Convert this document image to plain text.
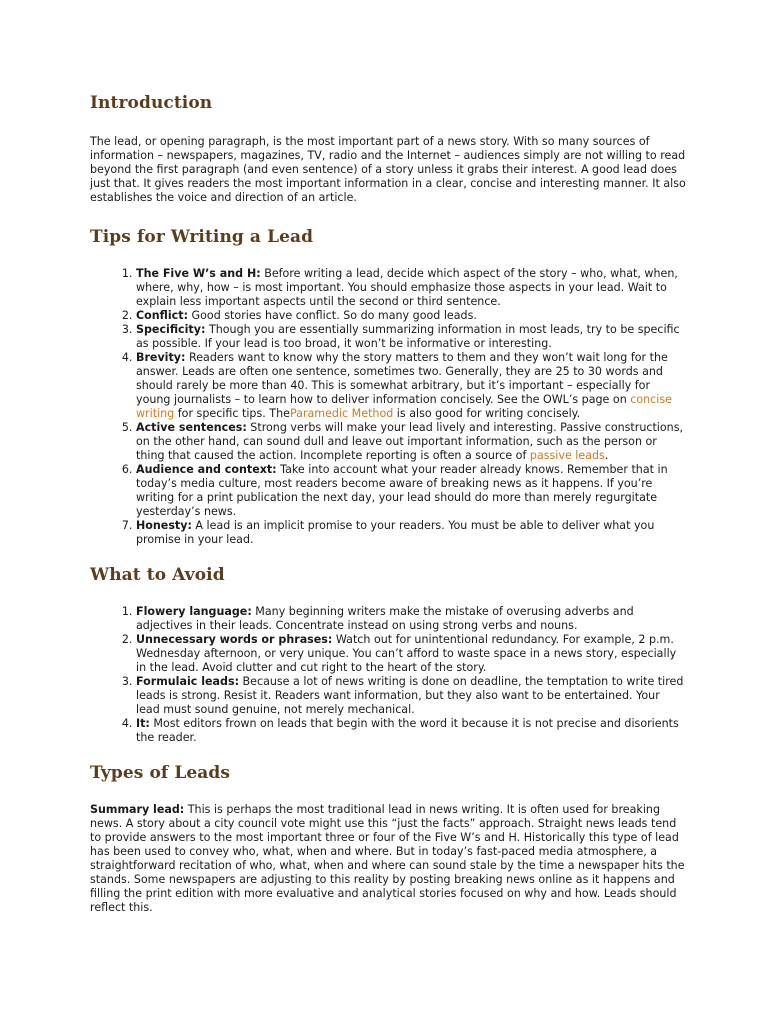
Introduction

The lead, or opening paragraph, is the most important part of a news story. With so many sources of information – newspapers, magazines, TV, radio and the Internet – audiences simply are not willing to read beyond the first paragraph (and even sentence) of a story unless it grabs their interest. A good lead does just that. It gives readers the most important information in a clear, concise and interesting manner. It also establishes the voice and direction of an article.

Tips for Writing a Lead
1. The Five W’s and H: Before writing a lead, decide which aspect of the story – who, what, when, where, why, how – is most important. You should emphasize those aspects in your lead. Wait to explain less important aspects until the second or third sentence.
2. Conflict: Good stories have conflict. So do many good leads.
3. Specificity: Though you are essentially summarizing information in most leads, try to be specific as possible. If your lead is too broad, it won’t be informative or interesting.
4. Brevity: Readers want to know why the story matters to them and they won’t wait long for the answer. Leads are often one sentence, sometimes two. Generally, they are 25 to 30 words and should rarely be more than 40. This is somewhat arbitrary, but it’s important – especially for young journalists – to learn how to deliver information concisely. See the OWL’s page on concise writing for specific tips. TheParamedic Method is also good for writing concisely.
5. Active sentences: Strong verbs will make your lead lively and interesting. Passive constructions, on the other hand, can sound dull and leave out important information, such as the person or thing that caused the action. Incomplete reporting is often a source of passive leads.
6. Audience and context: Take into account what your reader already knows. Remember that in today’s media culture, most readers become aware of breaking news as it happens. If you’re writing for a print publication the next day, your lead should do more than merely regurgitate yesterday’s news.
7. Honesty: A lead is an implicit promise to your readers. You must be able to deliver what you promise in your lead.
What to Avoid
1. Flowery language: Many beginning writers make the mistake of overusing adverbs and adjectives in their leads. Concentrate instead on using strong verbs and nouns.
2. Unnecessary words or phrases: Watch out for unintentional redundancy. For example, 2 p.m. Wednesday afternoon, or very unique. You can’t afford to waste space in a news story, especially in the lead. Avoid clutter and cut right to the heart of the story.
3. Formulaic leads: Because a lot of news writing is done on deadline, the temptation to write tired leads is strong. Resist it. Readers want information, but they also want to be entertained. Your lead must sound genuine, not merely mechanical.
4. It: Most editors frown on leads that begin with the word it because it is not precise and disorients the reader.
Types of Leads

Summary lead: This is perhaps the most traditional lead in news writing. It is often used for breaking news. A story about a city council vote might use this “just the facts” approach. Straight news leads tend to provide answers to the most important three or four of the Five W’s and H. Historically this type of lead has been used to convey who, what, when and where. But in today’s fast-paced media atmosphere, a straightforward recitation of who, what, when and where can sound stale by the time a newspaper hits the stands. Some newspapers are adjusting to this reality by posting breaking news online as it happens and filling the print edition with more evaluative and analytical stories focused on why and how. Leads should reflect this.
